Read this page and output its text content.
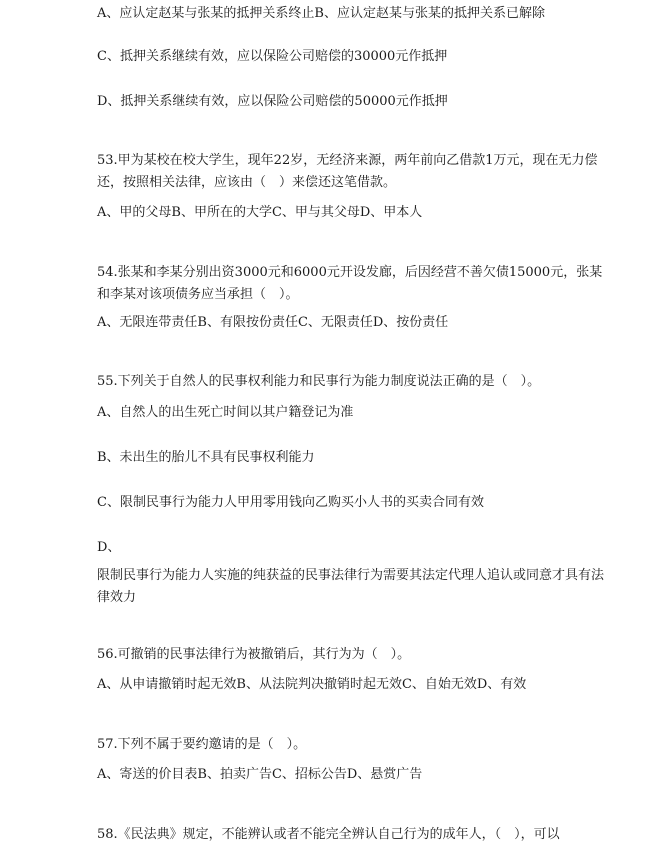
A、应认定赵某与张某的抵押关系终止B、应认定赵某与张某的抵押关系已解除
C、抵押关系继续有效，应以保险公司赔偿的30000元作抵押
D、抵押关系继续有效，应以保险公司赔偿的50000元作抵押
53.甲为某校在校大学生，现年22岁，无经济来源，两年前向乙借款1万元，现在无力偿还，按照相关法律，应该由（　）来偿还这笔借款。
A、甲的父母B、甲所在的大学C、甲与其父母D、甲本人
54.张某和李某分别出资3000元和6000元开设发廊，后因经营不善欠债15000元，张某和李某对该项债务应当承担（　）。
A、无限连带责任B、有限按份责任C、无限责任D、按份责任
55.下列关于自然人的民事权利能力和民事行为能力制度说法正确的是（　）。
A、自然人的出生死亡时间以其户籍登记为准
B、未出生的胎儿不具有民事权利能力
C、限制民事行为能力人甲用零用钱向乙购买小人书的买卖合同有效
D、
限制民事行为能力人实施的纯获益的民事法律行为需要其法定代理人追认或同意才具有法律效力
56.可撤销的民事法律行为被撤销后，其行为为（　）。
A、从申请撤销时起无效B、从法院判决撤销时起无效C、自始无效D、有效
57.下列不属于要约邀请的是（　）。
A、寄送的价目表B、拍卖广告C、招标公告D、悬赏广告
58.《民法典》规定，不能辨认或者不能完全辨认自己行为的成年人，（　），可以
